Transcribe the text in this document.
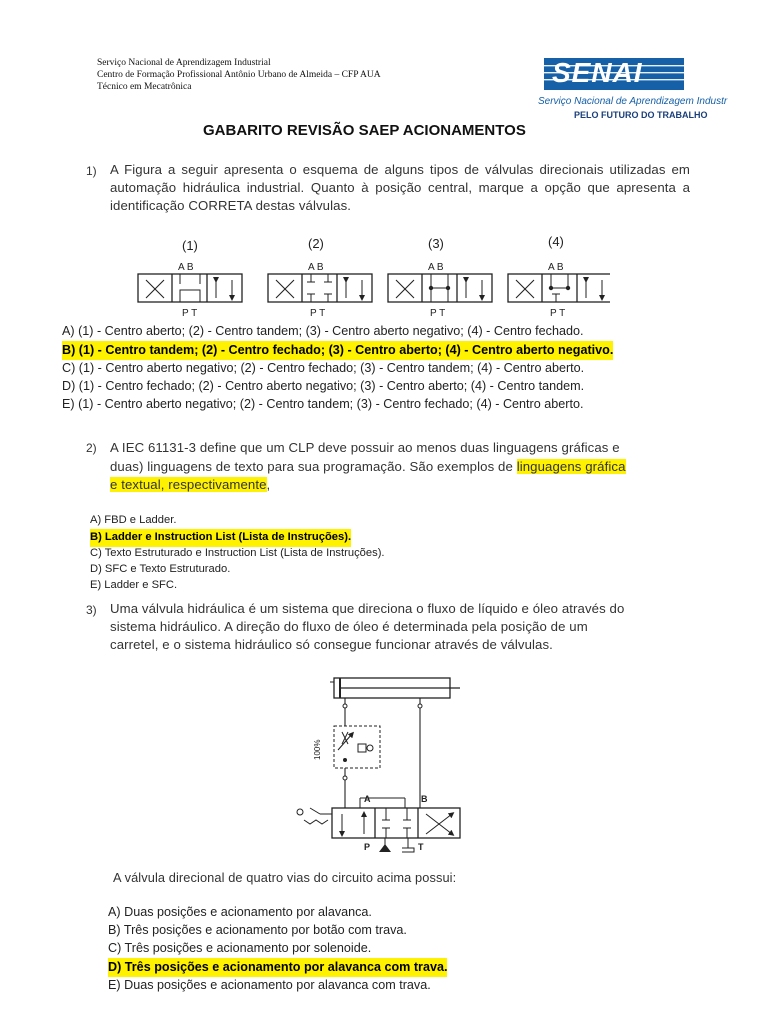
Serviço Nacional de Aprendizagem Industrial
Centro de Formação Profissional Antônio Urbano de Almeida – CFP AUA
Técnico em Mecatrônica	SENAI
Serviço Nacional de Aprendizagem Industr
PELO FUTURO DO TRABALHO
GABARITO REVISÃO SAEP ACIONAMENTOS
1) A Figura a seguir apresenta o esquema de alguns tipos de válvulas direcionais utilizadas em automação hidráulica industrial. Quanto à posição central, marque a opção que apresenta a identificação CORRETA destas válvulas.
(1)
A B
P T
(2)
A B
P T
(3)
A B
P T
(4)
A B
P T
A) (1) - Centro aberto; (2) - Centro tandem; (3) - Centro aberto negativo; (4) - Centro fechado.
B) (1) - Centro tandem; (2) - Centro fechado; (3) - Centro aberto; (4) - Centro aberto negativo.
C) (1) - Centro aberto negativo; (2) - Centro fechado; (3) - Centro tandem; (4) - Centro aberto.
D) (1) - Centro fechado; (2) - Centro aberto negativo; (3) - Centro aberto; (4) - Centro tandem.
E) (1) - Centro aberto negativo; (2) - Centro tandem; (3) - Centro fechado; (4) - Centro aberto.
2) A IEC 61131-3 define que um CLP deve possuir ao menos duas linguagens gráficas e
duas) linguagens de texto para sua programação. São exemplos de linguagens gráfica
e textual, respectivamente,
A) FBD e Ladder.
B) Ladder e Instruction List (Lista de Instruções).
C) Texto Estruturado e Instruction List (Lista de Instruções).
D) SFC e Texto Estruturado.
E) Ladder e SFC.
3) Uma válvula hidráulica é um sistema que direciona o fluxo de líquido e óleo através do
sistema hidráulico. A direção do fluxo de óleo é determinada pela posição de um
carretel, e o sistema hidráulico só consegue funcionar através de válvulas.
100%
A	B
P	T
A válvula direcional de quatro vias do circuito acima possui:
A) Duas posições e acionamento por alavanca.
B) Três posições e acionamento por botão com trava.
C) Três posições e acionamento por solenoide.
D) Três posições e acionamento por alavanca com trava.
E) Duas posições e acionamento por alavanca com trava.
